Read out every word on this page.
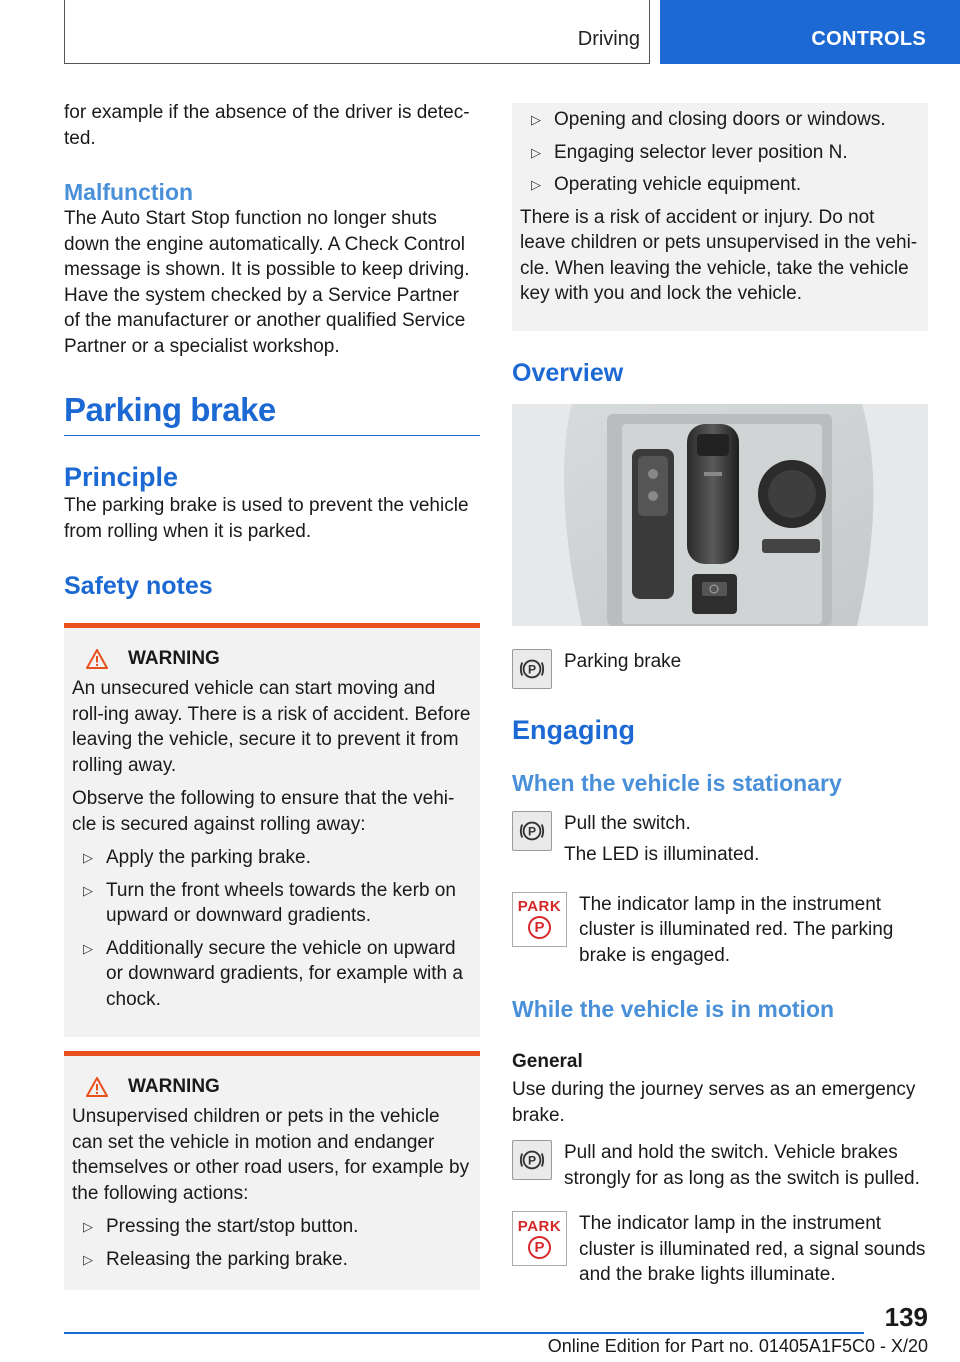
Driving	CONTROLS

for example if the absence of the driver is detec‐ted.

Malfunction

The Auto Start Stop function no longer shuts down the engine automatically. A Check Control message is shown. It is possible to keep driving. Have the system checked by a Service Partner of the manufacturer or another qualified Service Partner or a specialist workshop.

Parking brake
Principle

The parking brake is used to prevent the vehicle from rolling when it is parked.

Safety notes
WARNING

An unsecured vehicle can start moving and roll‐ing away. There is a risk of accident. Before leaving the vehicle, secure it to prevent it from rolling away.

Observe the following to ensure that the vehi‐cle is secured against rolling away:

▷ Apply the parking brake.
▷ Turn the front wheels towards the kerb on upward or downward gradients.
▷ Additionally secure the vehicle on upward or downward gradients, for example with a chock.
WARNING

Unsupervised children or pets in the vehicle can set the vehicle in motion and endanger themselves or other road users, for example by the following actions:

▷ Pressing the start/stop button.
▷ Releasing the parking brake.
▷ Opening and closing doors or windows.
▷ Engaging selector lever position N.
▷ Operating vehicle equipment.

There is a risk of accident or injury. Do not leave children or pets unsupervised in the vehi‐cle. When leaving the vehicle, take the vehicle key with you and lock the vehicle.

Overview
P Parking brake

Engaging
When the vehicle is stationary
P Pull the switch.

The LED is illuminated.

PARK
P

The indicator lamp in the instrument cluster is illuminated red. The parking brake is engaged.

While the vehicle is in motion
General

Use during the journey serves as an emergency brake.

P Pull and hold the switch. Vehicle brakes strongly for as long as the switch is pulled.

PARK
P

The indicator lamp in the instrument cluster is illuminated red, a signal sounds and the brake lights illuminate.

139
Online Edition for Part no. 01405A1F5C0 - X/20
